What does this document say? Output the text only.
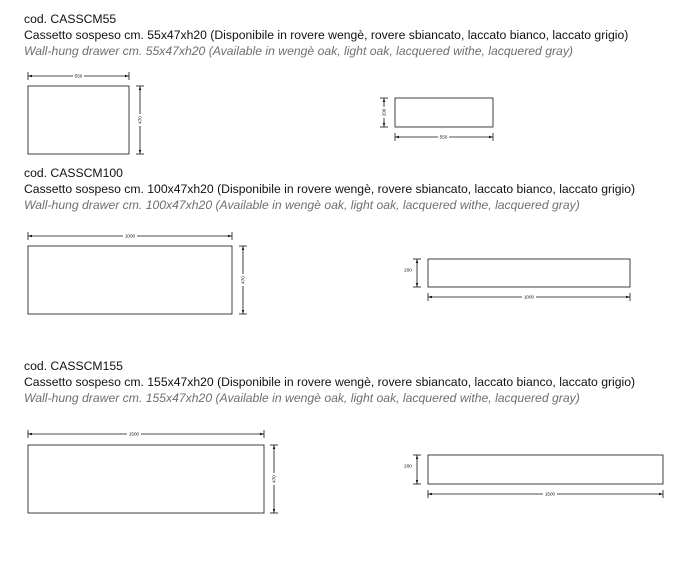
cod. CASSCM55
Cassetto sospeso cm. 55x47xh20 (Disponibile in rovere wengè, rovere sbiancato, laccato bianco, laccato grigio)
Wall-hung drawer cm. 55x47xh20 (Available in wengè oak, light oak, lacquered withe, lacquered gray)
550
470
200
550
cod. CASSCM100
Cassetto sospeso cm. 100x47xh20 (Disponibile in rovere wengè, rovere sbiancato, laccato bianco, laccato grigio)
Wall-hung drawer cm. 100x47xh20 (Available in wengè oak, light oak, lacquered withe, lacquered gray)
1000
470
200
1000
cod. CASSCM155
Cassetto sospeso cm. 155x47xh20 (Disponibile in rovere wengè, rovere sbiancato, laccato bianco, laccato grigio)
Wall-hung drawer cm. 155x47xh20 (Available in wengè oak, light oak, lacquered withe, lacquered gray)
1500
470
200
1500
